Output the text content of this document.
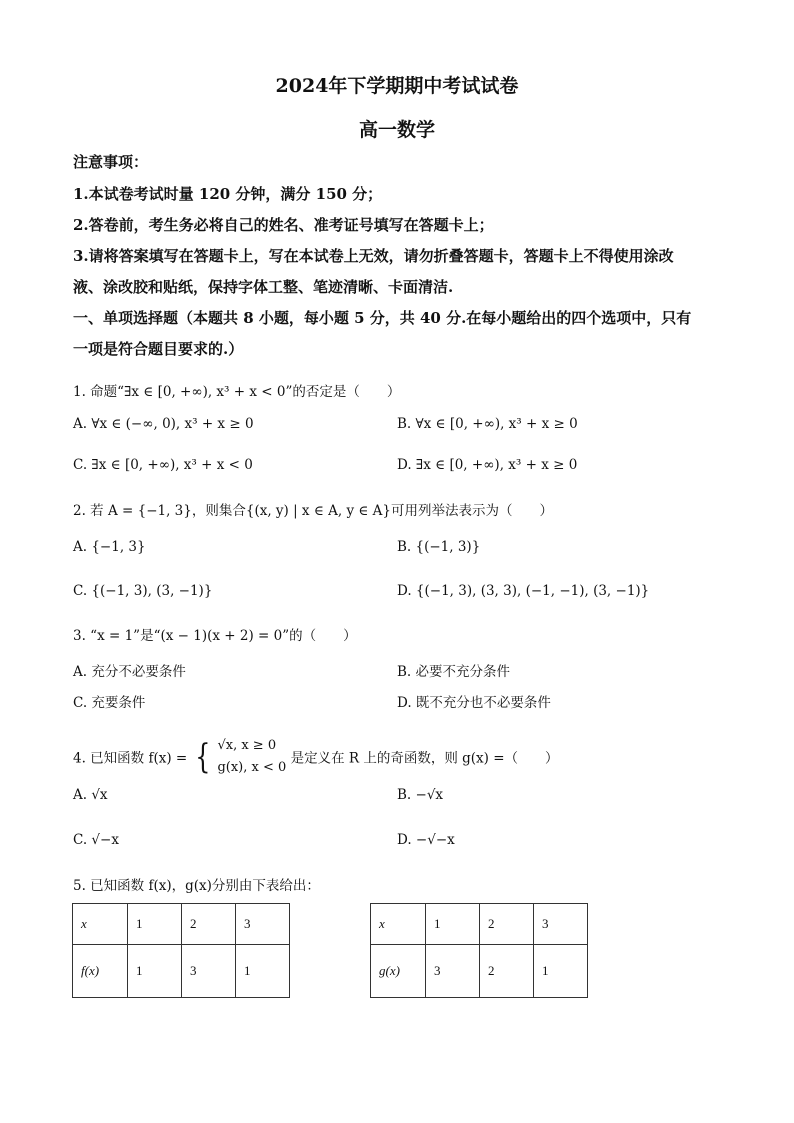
2024年下学期期中考试试卷
高一数学
注意事项：
1.本试卷考试时量 120 分钟，满分 150 分；
2.答卷前，考生务必将自己的姓名、准考证号填写在答题卡上；
3.请将答案填写在答题卡上，写在本试卷上无效，请勿折叠答题卡，答题卡上不得使用涂改
液、涂改胶和贴纸，保持字体工整、笔迹清晰、卡面清洁.
一、单项选择题（本题共 8 小题，每小题 5 分，共 40 分.在每小题给出的四个选项中，只有
一项是符合题目要求的.）
1. 命题“∃x ∈ [0, +∞), x³ + x < 0”的否定是（　　）
A. ∀x ∈ (−∞, 0), x³ + x ≥ 0	B. ∀x ∈ [0, +∞), x³ + x ≥ 0
C. ∃x ∈ [0, +∞), x³ + x < 0	D. ∃x ∈ [0, +∞), x³ + x ≥ 0
2. 若 A = {−1, 3}，则集合{(x, y) | x ∈ A, y ∈ A}可用列举法表示为（　　）
A. {−1, 3}	B. {(−1, 3)}
C. {(−1, 3), (3, −1)}	D. {(−1, 3), (3, 3), (−1, −1), (3, −1)}
3. “x = 1”是“(x − 1)(x + 2) = 0”的（　　）
A. 充分不必要条件	B. 必要不充分条件
C. 充要条件	D. 既不充分也不必要条件
4. 已知函数 f(x) = { √x, x ≥ 0
g(x), x < 0
是定义在 R 上的奇函数，则 g(x) =（　　）
A. √x	B. −√x
C. √−x	D. −√−x
5. 已知函数 f(x)，g(x)分别由下表给出：
x	1	2	3
f(x)	1	3	1
x	1	2	3
g(x)	3	2	1
